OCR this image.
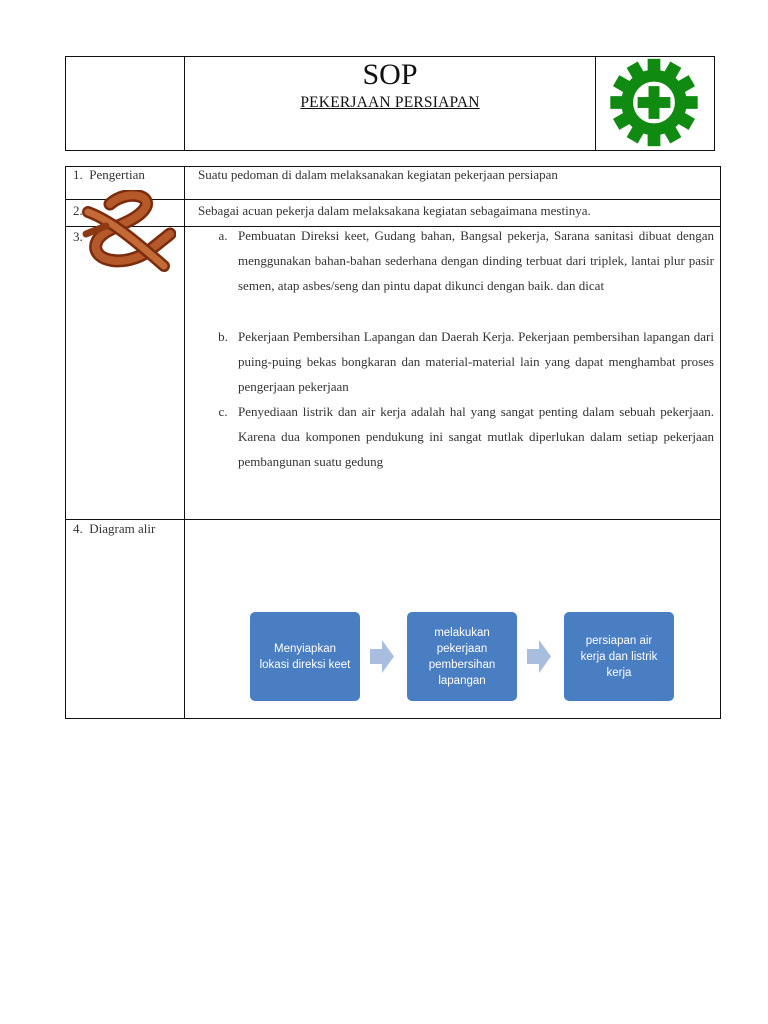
SOP
PEKERJAAN PERSIAPAN
1.  Pengertian	Suatu pedoman di dalam melaksanakan kegiatan pekerjaan persiapan
2.	Sebagai acuan pekerja dalam melaksakana kegiatan sebagaimana mestinya.
3.	a. Pembuatan Direksi keet, Gudang bahan, Bangsal pekerja, Sarana sanitasi dibuat dengan menggunakan bahan-bahan sederhana dengan dinding terbuat dari triplek, lantai plur pasir semen, atap asbes/seng dan pintu dapat dikunci dengan baik. dan dicat
b. Pekerjaan Pembersihan Lapangan dan Daerah Kerja. Pekerjaan pembersihan lapangan dari puing-puing bekas bongkaran dan material-material lain yang dapat menghambat proses pengerjaan pekerjaan
c. Penyediaan listrik dan air kerja adalah hal yang sangat penting dalam sebuah pekerjaan. Karena dua komponen pendukung ini sangat mutlak diperlukan dalam setiap pekerjaan pembangunan suatu gedung
4.  Diagram alir
Menyiapkan lokasi direksi keet
melakukan pekerjaan pembersihan lapangan
persiapan air kerja dan listrik kerja
